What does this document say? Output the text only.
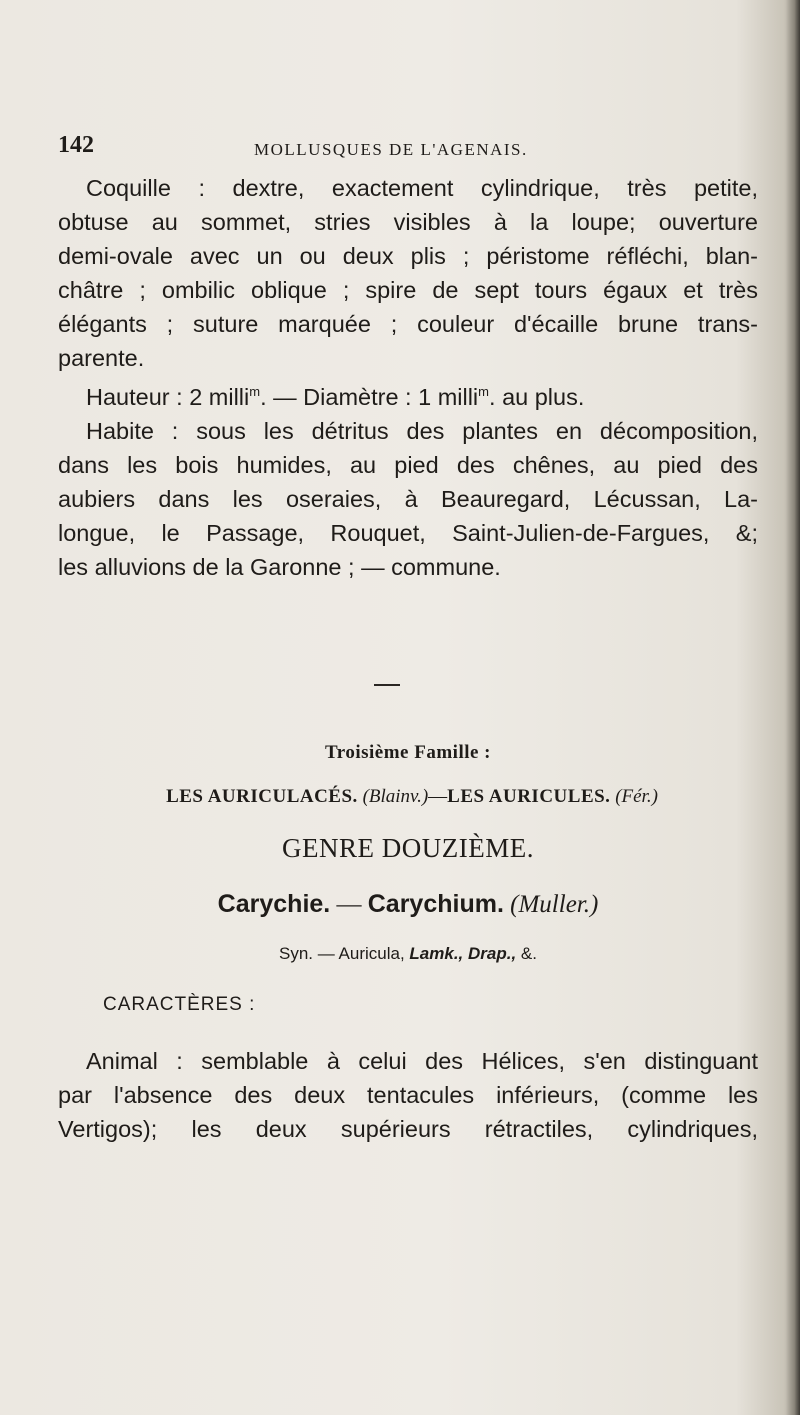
142	MOLLUSQUES DE L'AGENAIS.

Coquille : dextre, exactement cylindrique, très petite,
obtuse au sommet, stries visibles à la loupe; ouverture
demi-ovale avec un ou deux plis ; péristome réfléchi, blan-
châtre ; ombilic oblique ; spire de sept tours égaux et très
élégants ; suture marquée ; couleur d'écaille brune trans-
parente.

Hauteur : 2 milli$^m$. — Diamètre : 1 milli$^m$. au plus.

Habite : sous les détritus des plantes en décomposition,
dans les bois humides, au pied des chênes, au pied des
aubiers dans les oseraies, à Beauregard, Lécussan, La-
longue, le Passage, Rouquet, Saint-Julien-de-Fargues, &;
les alluvions de la Garonne ; — commune.

Troisième Famille :
LES AURICULACÉS. (Blainv.)—LES AURICULES. (Fér.)
GENRE DOUZIÈME.
Carychie. — Carychium. (Muller.)
Syn. — Auricula, Lamk., Drap., &.
CARACTÈRES :

Animal : semblable à celui des Hélices, s'en distinguant
par l'absence des deux tentacules inférieurs, (comme les
Vertigos); les deux supérieurs rétractiles, cylindriques,
